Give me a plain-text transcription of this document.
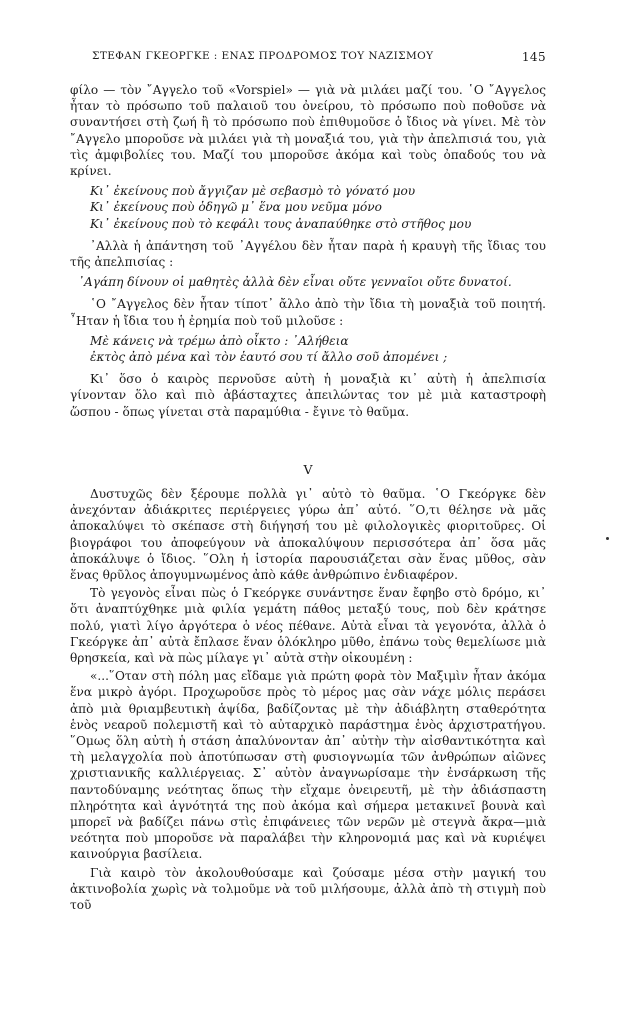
ΣΤΕΦΑΝ ΓΚΕΟΡΓΚΕ : ΕΝΑΣ ΠΡΟΔΡΟΜΟΣ ΤΟΥ ΝΑΖΙΣΜΟΥ	145

φίλο — τὸν ῎Αγγελο τοῦ «Vorspiel» — γιὰ νὰ μιλάει μαζί του. ῾Ο ῎Αγγελος ἦταν τὸ πρόσωπο τοῦ παλαιοῦ του ὀνείρου, τὸ πρόσωπο ποὺ ποθοῦσε νὰ συναντήσει στὴ ζωή ἢ τὸ πρόσωπο ποὺ ἐπιθυμοῦσε ὁ ἴδιος νὰ γίνει. Μὲ τὸν ῎Αγγελο μποροῦσε νὰ μιλάει γιὰ τὴ μοναξιά του, γιὰ τὴν ἀπελπισιά του, γιὰ τὶς ἀμφιβολίες του. Μαζί του μποροῦσε ἀκόμα καὶ τοὺς ὀπαδούς του νὰ κρίνει.

Κι᾿ ἐκείνους ποὺ ἄγγιζαν μὲ σεβασμὸ τὸ γόνατό μου
Κι᾿ ἐκείνους ποὺ ὁδηγῶ μ᾿ ἕνα μου νεῦμα μόνο
Κι᾿ ἐκείνους ποὺ τὸ κεφάλι τους ἀναπαύθηκε στὸ στῆθος μου

᾿Αλλὰ ἡ ἀπάντηση τοῦ ᾿Αγγέλου δὲν ἦταν παρὰ ἡ κραυγὴ τῆς ἴδιας του τῆς ἀπελπισίας :

᾿Αγάπη δίνουν οἱ μαθητὲς ἀλλὰ δὲν εἶναι οὔτε γενναῖοι οὔτε δυνατοί.

῾Ο ῎Αγγελος δὲν ἦταν τίποτ᾿ ἄλλο ἀπὸ τὴν ἴδια τὴ μοναξιὰ τοῦ ποιητή. ῏Ηταν ἡ ἴδια του ἡ ἐρημία ποὺ τοῦ μιλοῦσε :

Μὲ κάνεις νὰ τρέμω ἀπὸ οἶκτο : ᾿Αλήθεια
ἐκτὸς ἀπὸ μένα καὶ τὸν ἑαυτό σου τί ἄλλο σοῦ ἀπομένει ;

Κι᾿ ὅσο ὁ καιρὸς περνοῦσε αὐτὴ ἡ μοναξιὰ κι᾿ αὐτὴ ἡ ἀπελπισία γίνονταν ὅλο καὶ πιὸ ἀβάσταχτες ἀπειλώντας τον μὲ μιὰ καταστροφὴ ὥσπου - ὅπως γίνεται στὰ παραμύθια - ἔγινε τὸ θαῦμα.

V

Δυστυχῶς δὲν ξέρουμε πολλὰ γι᾿ αὐτὸ τὸ θαῦμα. ῾Ο Γκεόργκε δὲν ἀνεχόνταν ἀδιάκριτες περιέργειες γύρω ἀπ᾿ αὐτό. ῞Ο,τι θέλησε νὰ μᾶς ἀποκαλύψει τὸ σκέπασε στὴ διήγησή του μὲ φιλολογικὲς φιοριτοῦρες. Οἱ βιογράφοι του ἀποφεύγουν νὰ ἀποκαλύψουν περισσότερα ἀπ᾿ ὅσα μᾶς ἀποκάλυψε ὁ ἴδιος. ῞Ολη ἡ ἱστορία παρουσιάζεται σὰν ἕνας μῦθος, σὰν ἕνας θρῦλος ἀπογυμνωμένος ἀπὸ κάθε ἀνθρώπινο ἐνδιαφέρον.

Τὸ γεγονὸς εἶναι πὼς ὁ Γκεόργκε συνάντησε ἕναν ἔφηβο στὸ δρόμο, κι᾿ ὅτι ἀναπτύχθηκε μιὰ φιλία γεμάτη πάθος μεταξύ τους, ποὺ δὲν κράτησε πολύ, γιατὶ λίγο ἀργότερα ὁ νέος πέθανε. Αὐτὰ εἶναι τὰ γεγονότα, ἀλλὰ ὁ Γκεόργκε ἀπ᾿ αὐτὰ ἔπλασε ἕναν ὁλόκληρο μῦθο, ἐπάνω τοὺς θεμελίωσε μιὰ θρησκεία, καὶ νὰ πὼς μίλαγε γι᾿ αὐτὰ στὴν οἰκουμένη :

«...῞Οταν στὴ πόλη μας εἴδαμε γιὰ πρώτη φορὰ τὸν Μαξιμὶν ἦταν ἀκόμα ἕνα μικρὸ ἀγόρι. Προχωροῦσε πρὸς τὸ μέρος μας σὰν νάχε μόλις περάσει ἀπὸ μιὰ θριαμβευτικὴ ἁψίδα, βαδίζοντας μὲ τὴν ἀδιάβλητη σταθερότητα ἑνὸς νεαροῦ πολεμιστῆ καὶ τὸ αὐταρχικὸ παράστημα ἑνὸς ἀρχιστρατήγου. ῞Ομως ὅλη αὐτὴ ἡ στάση ἀπαλύνονταν ἀπ᾿ αὐτὴν τὴν αἰσθαντικότητα καὶ τὴ μελαγχολία ποὺ ἀποτύπωσαν στὴ φυσιογνωμία τῶν ἀνθρώπων αἰῶνες χριστιανικῆς καλλιέργειας. Σ᾿ αὐτὸν ἀναγνωρίσαμε τὴν ἐνσάρκωση τῆς παντοδύναμης νεότητας ὅπως τὴν εἴχαμε ὀνειρευτῆ, μὲ τὴν ἀδιάσπαστη πληρότητα καὶ ἁγνότητά της ποὺ ἀκόμα καὶ σήμερα μετακινεῖ βουνὰ καὶ μπορεῖ νὰ βαδίζει πάνω στὶς ἐπιφάνειες τῶν νερῶν μὲ στεγνὰ ἄκρα—μιὰ νεότητα ποὺ μποροῦσε νὰ παραλάβει τὴν κληρονομιά μας καὶ νὰ κυριέψει καινούργια βασίλεια.

Γιὰ καιρὸ τὸν ἀκολουθούσαμε καὶ ζούσαμε μέσα στὴν μαγική του ἀκτινοβολία χωρὶς νὰ τολμοῦμε νὰ τοῦ μιλήσουμε, ἀλλὰ ἀπὸ τὴ στιγμὴ ποὺ τοῦ
